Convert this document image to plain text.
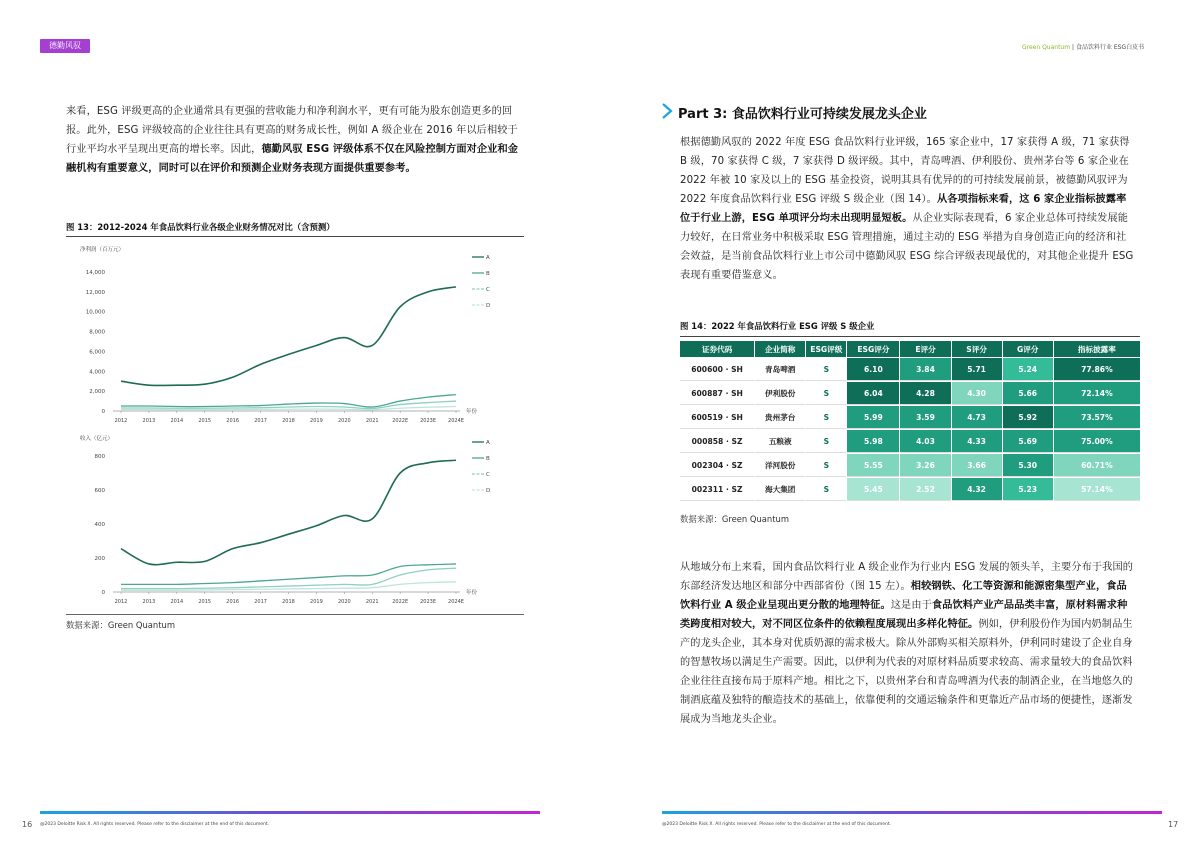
德勤风驭
来看，ESG 评级更高的企业通常具有更强的营收能力和净利润水平，更有可能为股东创造更多的回报。此外，ESG 评级较高的企业往往具有更高的财务成长性，例如 A 级企业在 2016 年以后相较于行业平均水平呈现出更高的增长率。因此，德勤风驭 ESG 评级体系不仅在风险控制方面对企业和金融机构有重要意义，同时可以在评价和预测企业财务表现方面提供重要参考。
图 13：2012-2024 年食品饮料行业各级企业财务情况对比（含预测）
净利润（百万元）
0
2,000
4,000
6,000
8,000
10,000
12,000
14,000
2012	2013	2014	2015	2016	2017	2018	2019	2020	2021	2022E 2023E 2024E
年份
A
B
C
D
收入（亿元）
0
200
400
600
800
2012	2013	2014	2015	2016	2017	2018	2019	2020	2021	2022E 2023E 2024E
年份
A
B
C
D
数据来源：Green Quantum
16 @2023 Deloitte Risk X. All rights reserved. Please refer to the disclaimer at the end of this document.
Green Quantum | 食品饮料行业 ESG白皮书
Part 3: 食品饮料行业可持续发展龙头企业
根据德勤风驭的 2022 年度 ESG 食品饮料行业评级，165 家企业中，17 家获得 A 级，71 家获得 B 级，70 家获得 C 级，7 家获得 D 级评级。其中，青岛啤酒、伊利股份、贵州茅台等 6 家企业在 2022 年被 10 家及以上的 ESG 基金投资，说明其具有优异的的可持续发展前景，被德勤风驭评为 2022 年度食品饮料行业 ESG 评级 S 级企业（图 14）。从各项指标来看，这 6 家企业指标披露率位于行业上游，ESG 单项评分均未出现明显短板。从企业实际表现看，6 家企业总体可持续发展能力较好，在日常业务中积极采取 ESG 管理措施，通过主动的 ESG 举措为自身创造正向的经济和社会效益，是当前食品饮料行业上市公司中德勤风驭 ESG 综合评级表现最优的，对其他企业提升 ESG 表现有重要借鉴意义。
图 14：2022 年食品饮料行业 ESG 评级 S 级企业
证券代码	企业简称	ESG评级	ESG评分	E评分	S评分	G评分	指标披露率
600600 · SH	青岛啤酒	S	6.10	3.84	5.71	5.24	77.86%
600887 · SH	伊利股份	S	6.04	4.28	4.30	5.66	72.14%
600519 · SH	贵州茅台	S	5.99	3.59	4.73	5.92	73.57%
000858 · SZ	五粮液	S	5.98	4.03	4.33	5.69	75.00%
002304 · SZ	洋河股份	S	5.55	3.26	3.66	5.30	60.71%
002311 · SZ	海大集团	S	5.45	2.52	4.32	5.23	57.14%
数据来源：Green Quantum
从地域分布上来看，国内食品饮料行业 A 级企业作为行业内 ESG 发展的领头羊，主要分布于我国的东部经济发达地区和部分中西部省份（图 15 左）。相较钢铁、化工等资源和能源密集型产业，食品饮料行业 A 级企业呈现出更分散的地理特征。这是由于食品饮料产业产品品类丰富，原材料需求种类跨度相对较大，对不同区位条件的依赖程度展现出多样化特征。例如，伊利股份作为国内奶制品生产的龙头企业，其本身对优质奶源的需求极大。除从外部购买相关原料外，伊利同时建设了企业自身的智慧牧场以满足生产需要。因此，以伊利为代表的对原材料品质要求较高、需求量较大的食品饮料企业往往直接布局于原料产地。相比之下，以贵州茅台和青岛啤酒为代表的制酒企业，在当地悠久的制酒底蕴及独特的酿造技术的基础上，依靠便利的交通运输条件和更靠近产品市场的便捷性，逐渐发展成为当地龙头企业。
@2023 Deloitte Risk X. All rights reserved. Please refer to the disclaimer at the end of this document.	17
